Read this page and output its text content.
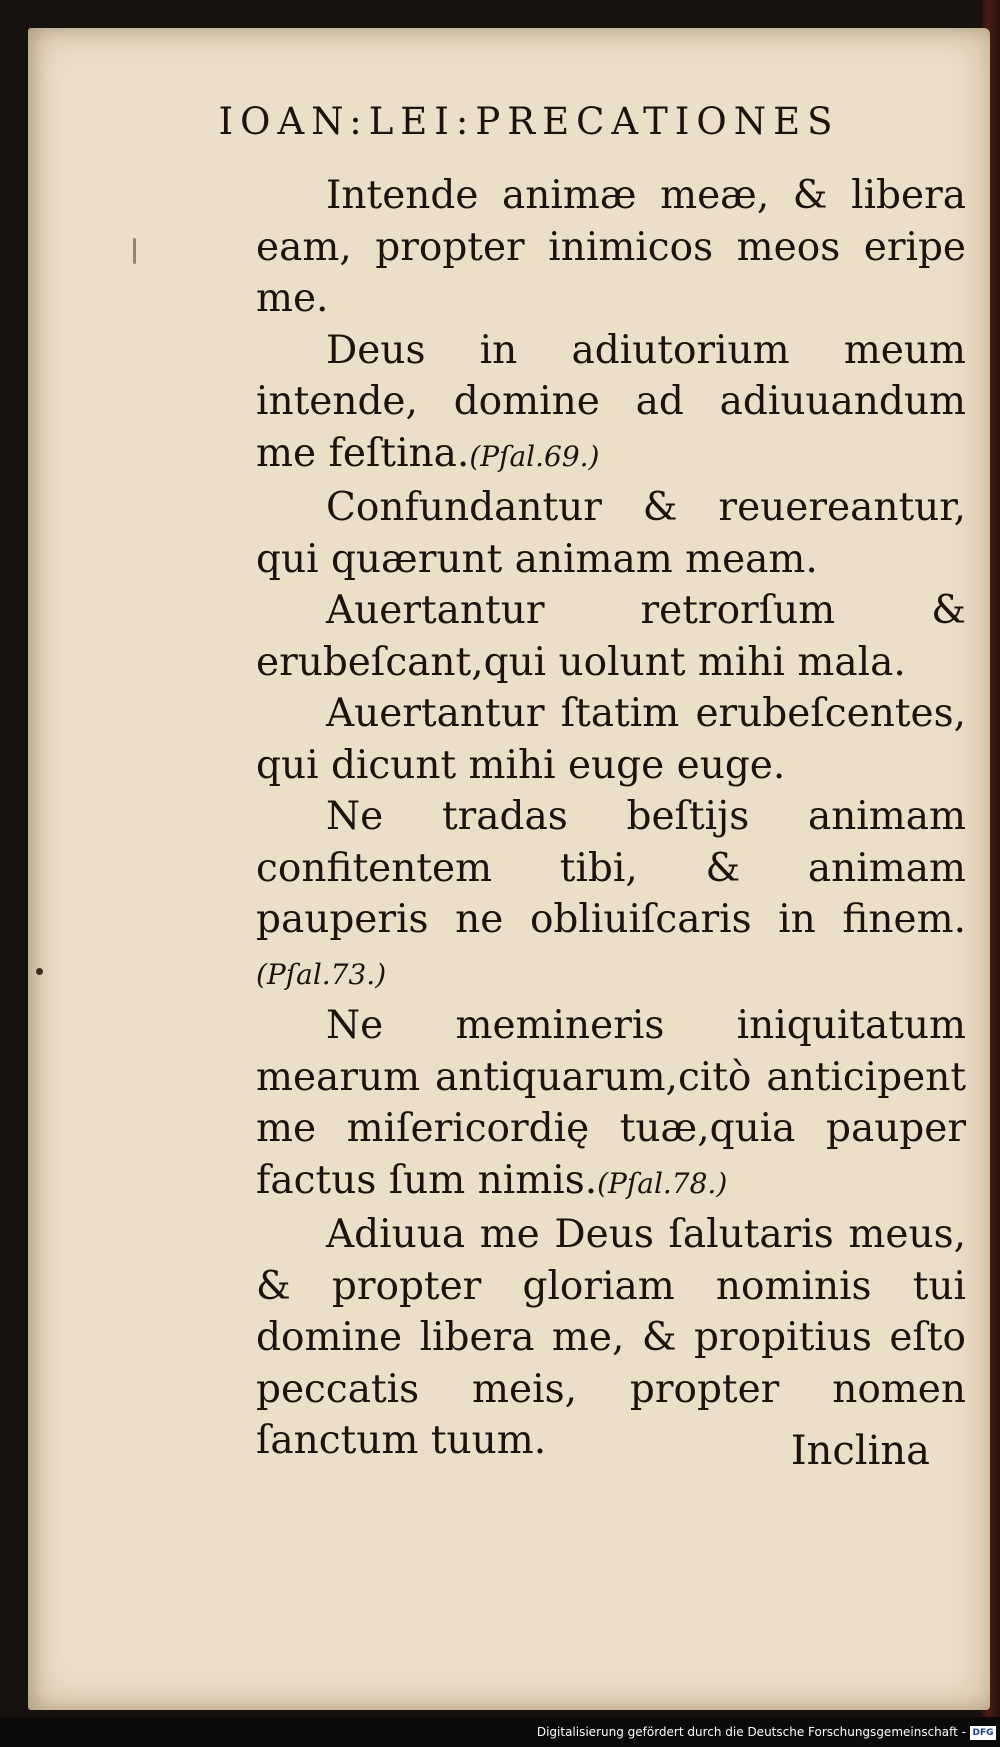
IOAN:LEI:PRECATIONES

Intende animæ meæ, & libera eam, propter inimicos meos eripe me.

Deus in adiutorium meum intende, domine ad adiuuandum me feſtina.(Pſal.69.)

Confundantur & reuereantur, qui quærunt animam meam.

Auertantur retrorſum & erubeſcant,qui uolunt mihi mala.

Auertantur ſtatim erubeſcentes, qui dicunt mihi euge euge.

Ne tradas beſtijs animam confitentem tibi, & animam pauperis ne obliuiſcaris in finem. (Pſal.73.)

Ne memineris iniquitatum mearum antiquarum,citò anticipent me miſericordię tuæ,quia pauper factus ſum nimis.(Pſal.78.)

Adiuua me Deus ſalutaris meus, & propter gloriam nominis tui domine libera me, & propitius eſto peccatis meis, propter nomen ſanctum tuum.	Inclina
Digitalisierung gefördert durch die Deutsche Forschungsgemeinschaft - DFG
